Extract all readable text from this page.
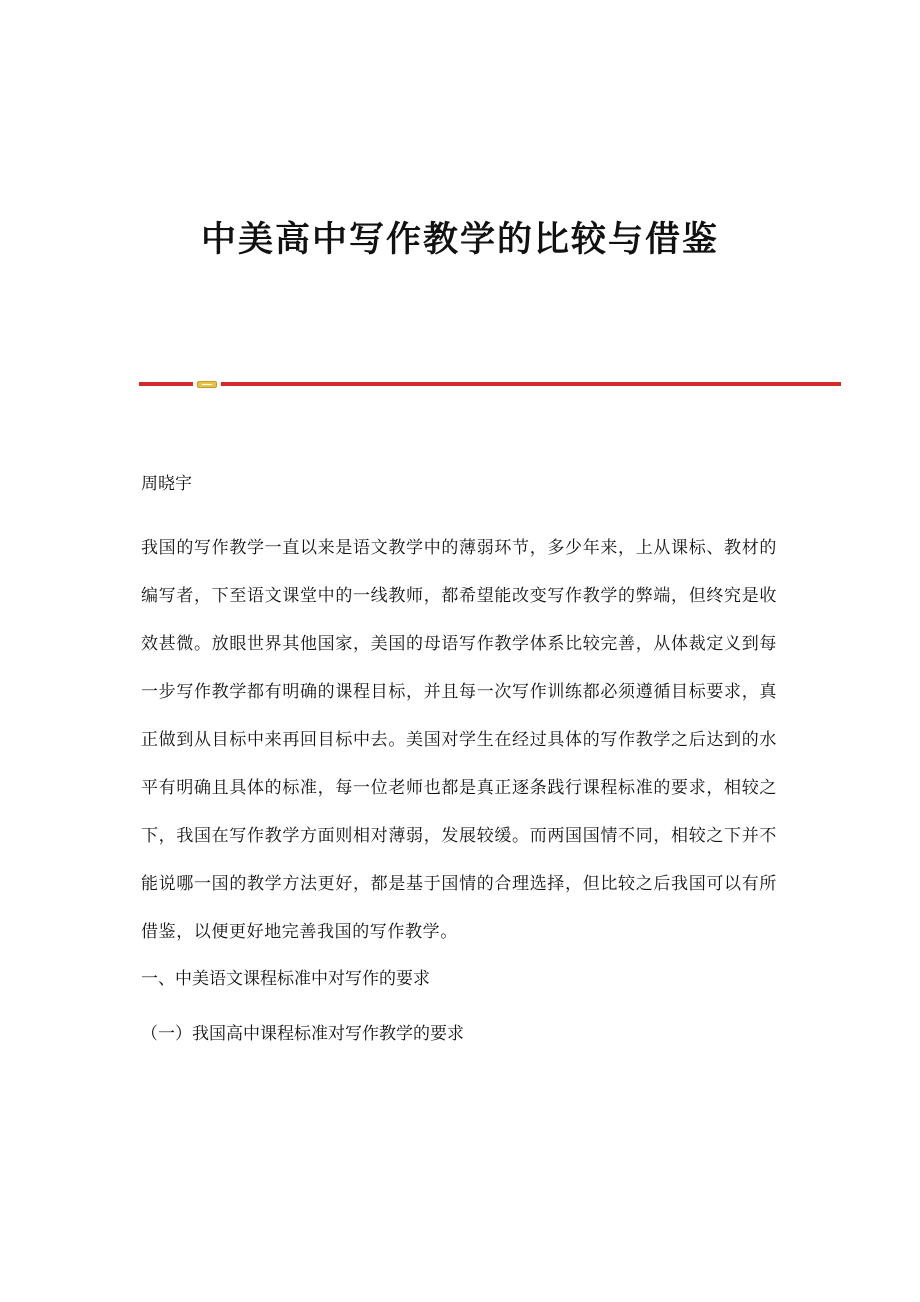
中美高中写作教学的比较与借鉴
周晓宇
我国的写作教学一直以来是语文教学中的薄弱环节，多少年来，上从课标、教材的编写者，下至语文课堂中的一线教师，都希望能改变写作教学的弊端，但终究是收效甚微。放眼世界其他国家，美国的母语写作教学体系比较完善，从体裁定义到每一步写作教学都有明确的课程目标，并且每一次写作训练都必须遵循目标要求，真正做到从目标中来再回目标中去。美国对学生在经过具体的写作教学之后达到的水平有明确且具体的标准，每一位老师也都是真正逐条践行课程标准的要求，相较之下，我国在写作教学方面则相对薄弱，发展较缓。而两国国情不同，相较之下并不能说哪一国的教学方法更好，都是基于国情的合理选择，但比较之后我国可以有所借鉴，以便更好地完善我国的写作教学。
一、中美语文课程标准中对写作的要求
（一）我国高中课程标准对写作教学的要求
